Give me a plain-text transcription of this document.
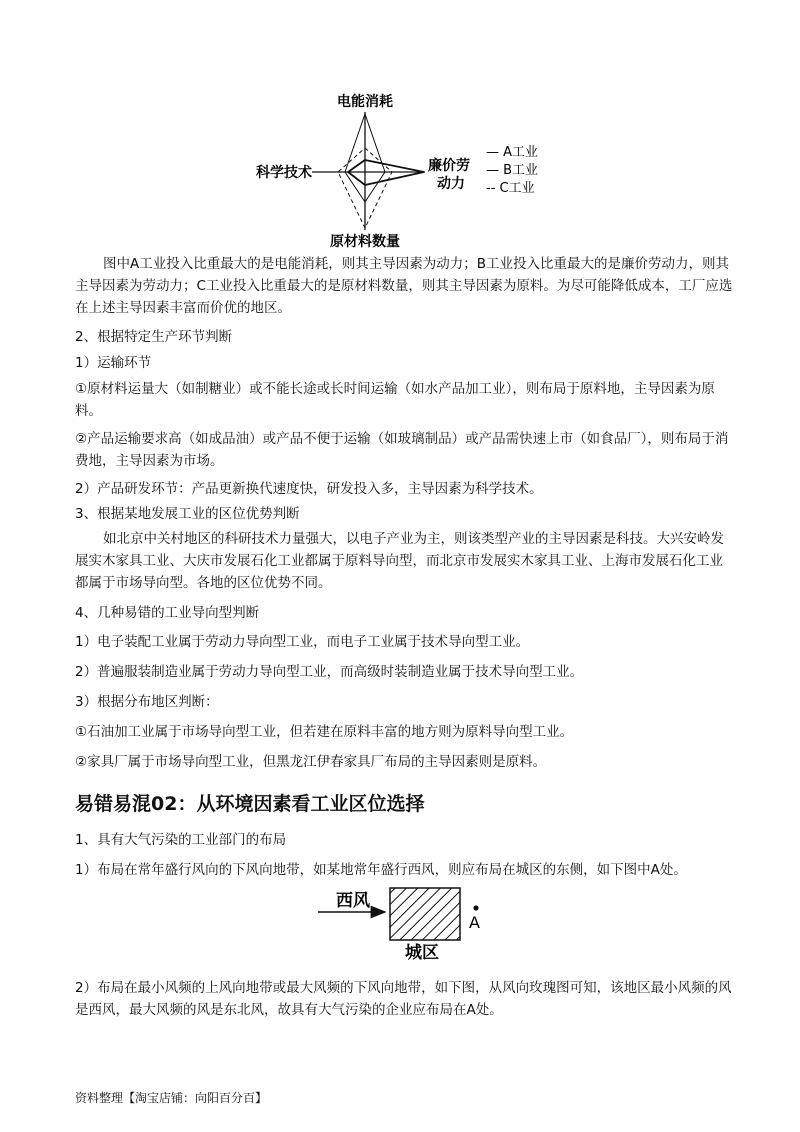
电能消耗
科学技术	廉价劳
动力
原材料数量
— A工业
— B工业
-- C工业

图中A工业投入比重最大的是电能消耗，则其主导因素为动力；B工业投入比重最大的是廉价劳动力，则其主导因素为劳动力；C工业投入比重最大的是原材料数量，则其主导因素为原料。为尽可能降低成本，工厂应选在上述主导因素丰富而价优的地区。

2、根据特定生产环节判断

1）运输环节

①原材料运量大（如制糖业）或不能长途或长时间运输（如水产品加工业），则布局于原料地，主导因素为原料。

②产品运输要求高（如成品油）或产品不便于运输（如玻璃制品）或产品需快速上市（如食品厂），则布局于消费地，主导因素为市场。

2）产品研发环节：产品更新换代速度快，研发投入多，主导因素为科学技术。

3、根据某地发展工业的区位优势判断

如北京中关村地区的科研技术力量强大，以电子产业为主，则该类型产业的主导因素是科技。大兴安岭发展实木家具工业、大庆市发展石化工业都属于原料导向型，而北京市发展实木家具工业、上海市发展石化工业都属于市场导向型。各地的区位优势不同。

4、几种易错的工业导向型判断

1）电子装配工业属于劳动力导向型工业，而电子工业属于技术导向型工业。

2）普遍服装制造业属于劳动力导向型工业，而高级时装制造业属于技术导向型工业。

3）根据分布地区判断：

①石油加工业属于市场导向型工业，但若建在原料丰富的地方则为原料导向型工业。

②家具厂属于市场导向型工业，但黑龙江伊春家具厂布局的主导因素则是原料。

易错易混02：从环境因素看工业区位选择

1、具有大气污染的工业部门的布局

1）布局在常年盛行风向的下风向地带，如某地常年盛行西风，则应布局在城区的东侧，如下图中A处。

西风
A
城区

2）布局在最小风频的上风向地带或最大风频的下风向地带，如下图，从风向玫瑰图可知，该地区最小风频的风是西风，最大风频的风是东北风，故具有大气污染的企业应布局在A处。

资料整理【淘宝店铺：向阳百分百】
